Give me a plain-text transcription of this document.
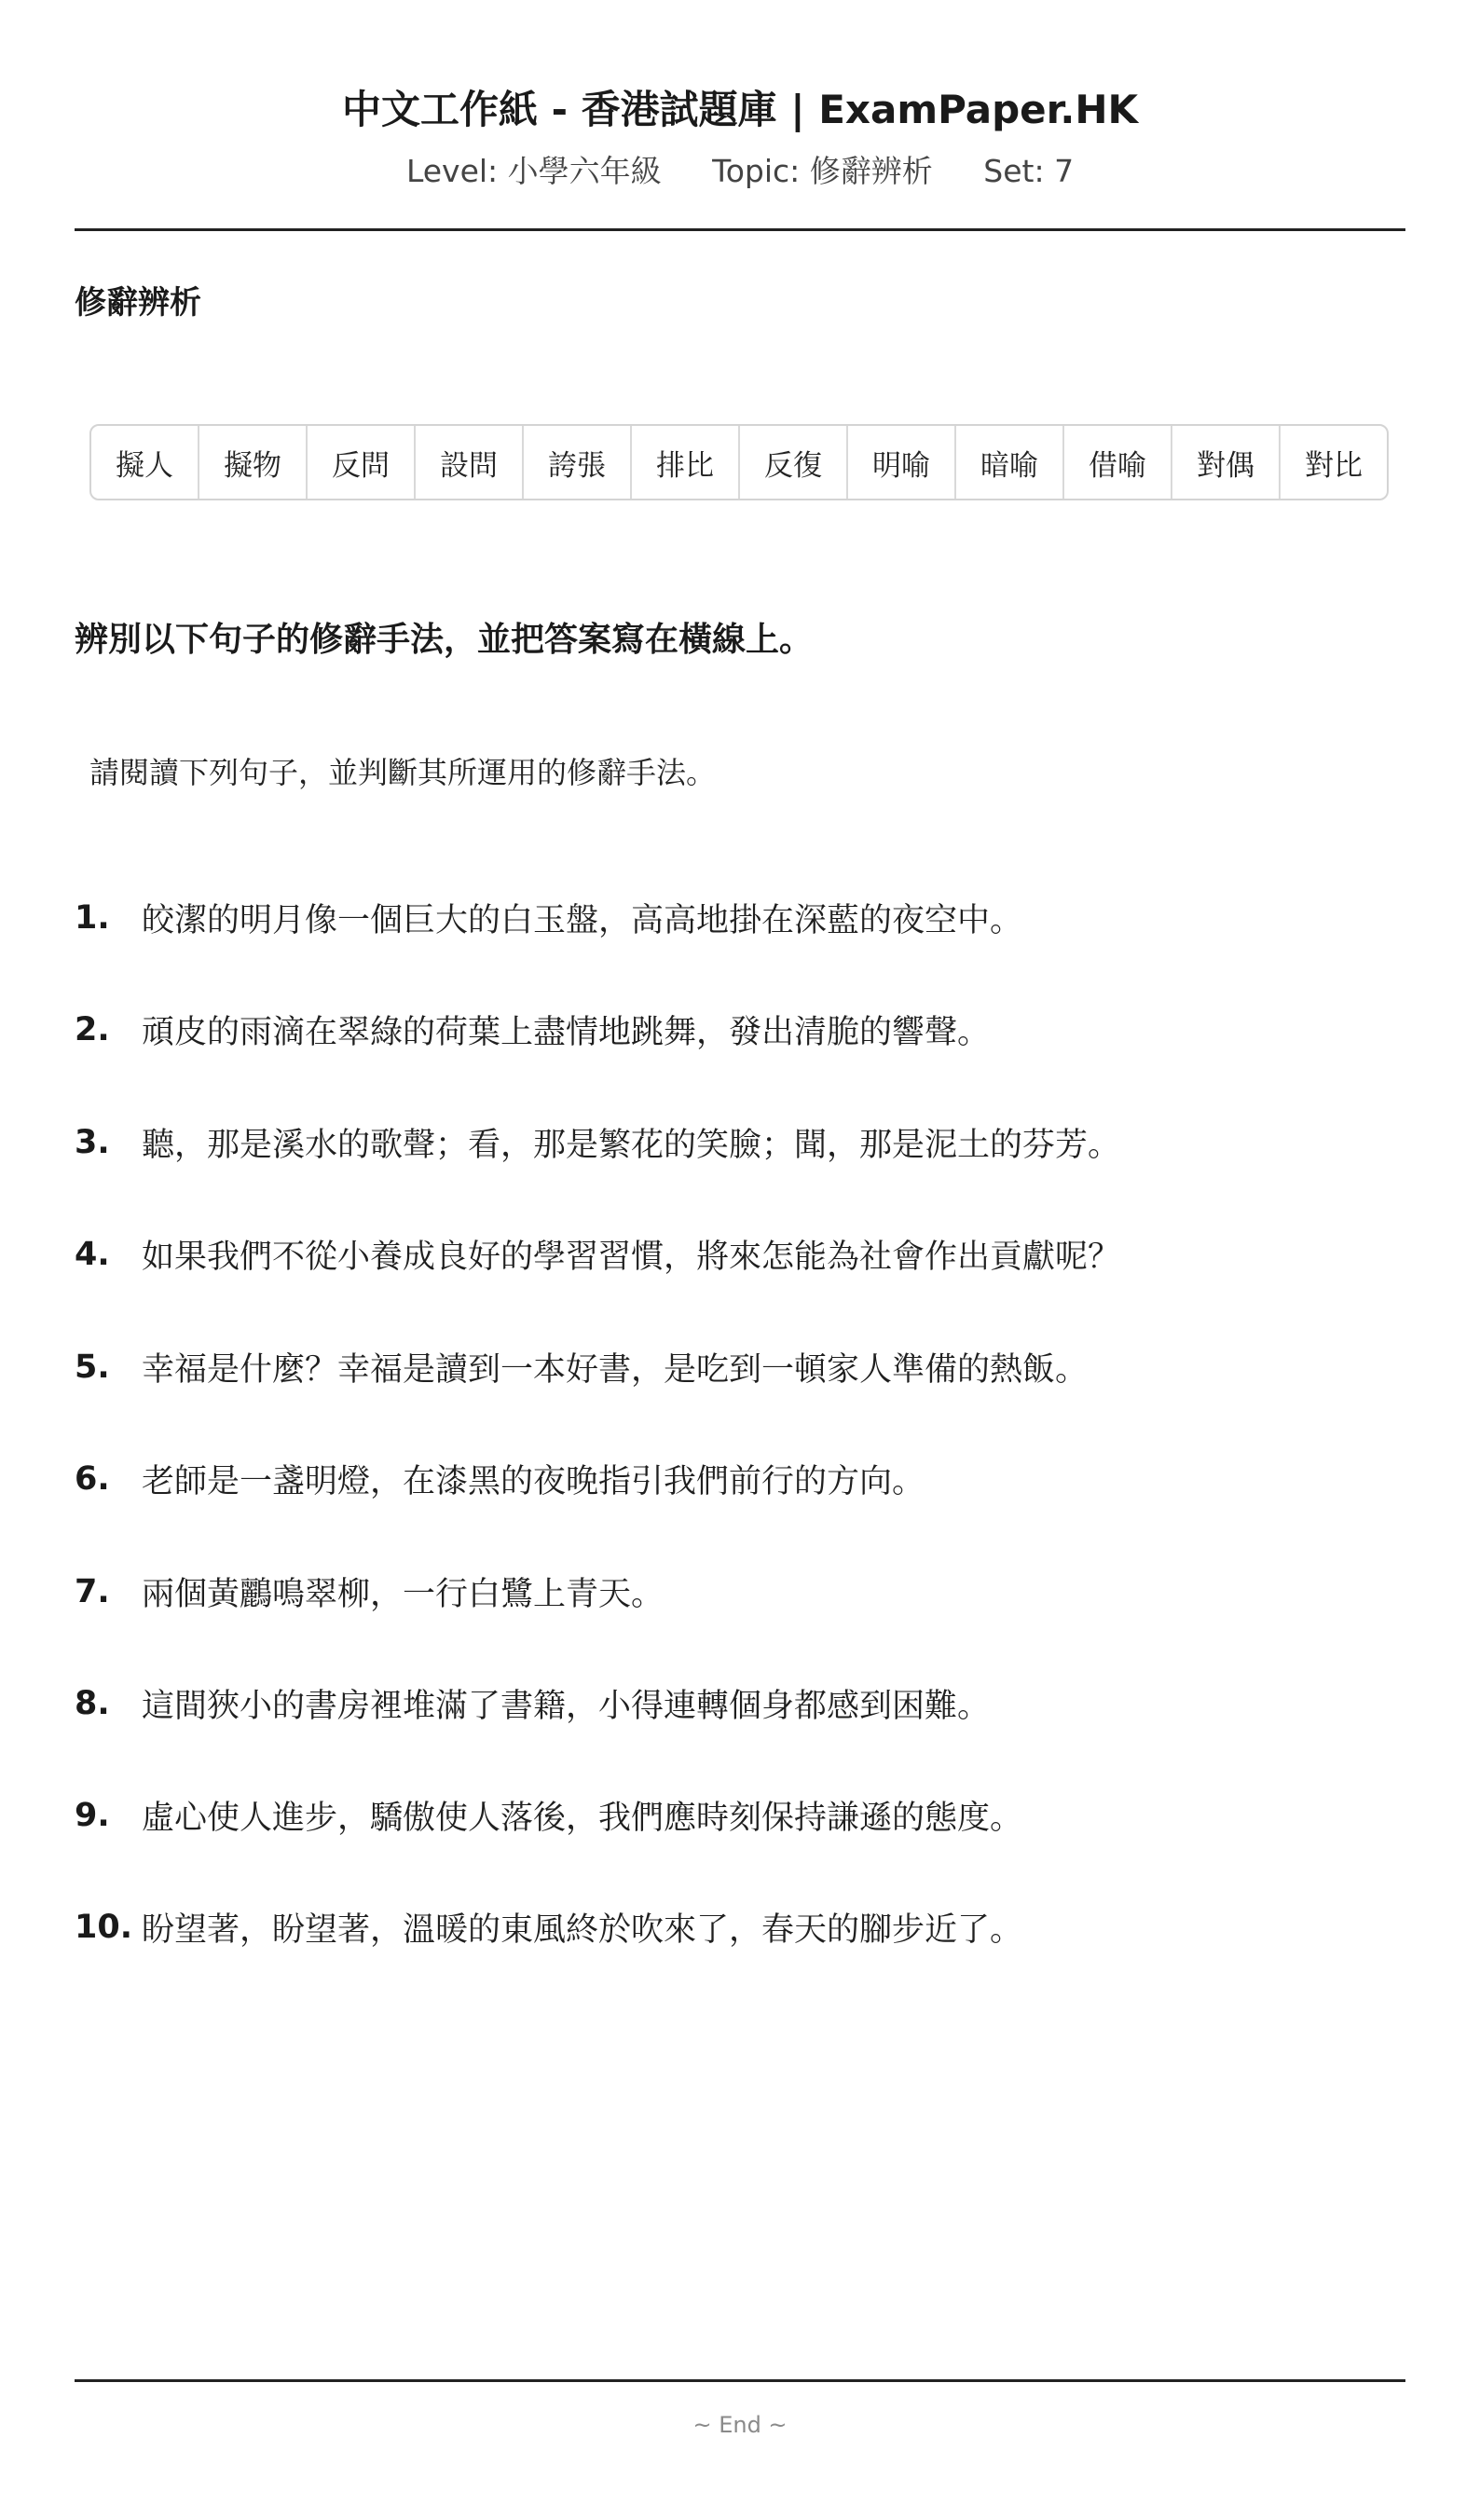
中文工作紙 - 香港試題庫 | ExamPaper.HK
Level: 小學六年級 Topic: 修辭辨析 Set: 7
修辭辨析
擬人	擬物	反問	設問	誇張	排比	反復	明喻	暗喻	借喻	對偶	對比
辨別以下句子的修辭手法，並把答案寫在橫線上。
請閱讀下列句子，並判斷其所運用的修辭手法。
1. 皎潔的明月像一個巨大的白玉盤，高高地掛在深藍的夜空中。
2. 頑皮的雨滴在翠綠的荷葉上盡情地跳舞，發出清脆的響聲。
3. 聽，那是溪水的歌聲；看，那是繁花的笑臉；聞，那是泥土的芬芳。
4. 如果我們不從小養成良好的學習習慣，將來怎能為社會作出貢獻呢？
5. 幸福是什麼？幸福是讀到一本好書，是吃到一頓家人準備的熱飯。
6. 老師是一盞明燈，在漆黑的夜晚指引我們前行的方向。
7. 兩個黃鸝鳴翠柳，一行白鷺上青天。
8. 這間狹小的書房裡堆滿了書籍，小得連轉個身都感到困難。
9. 虛心使人進步，驕傲使人落後，我們應時刻保持謙遜的態度。
10. 盼望著，盼望著，溫暖的東風終於吹來了，春天的腳步近了。
~ End ~
